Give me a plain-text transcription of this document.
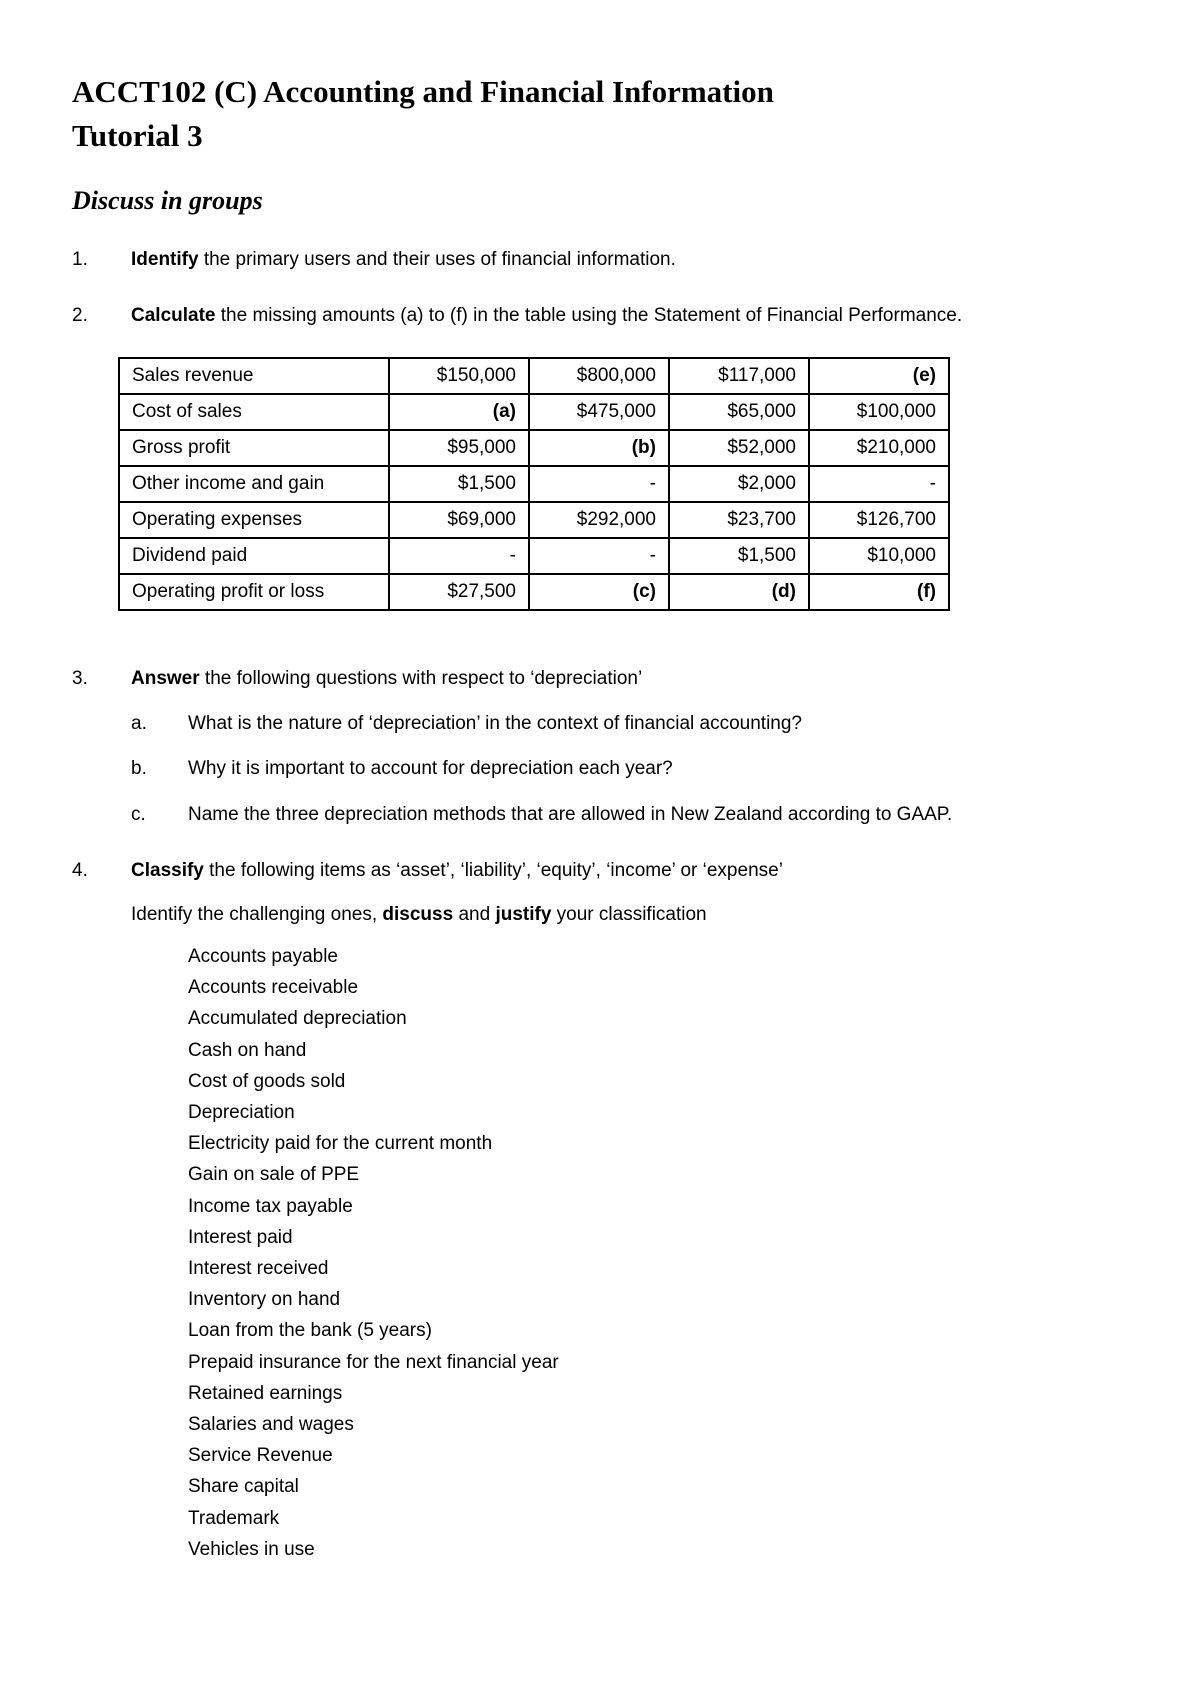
ACCT102 (C) Accounting and Financial Information
Tutorial 3
Discuss in groups
1. Identify the primary users and their uses of financial information.
2. Calculate the missing amounts (a) to (f) in the table using the Statement of Financial Performance.
Sales revenue	$150,000	$800,000	$117,000	(e)
Cost of sales	(a)	$475,000	$65,000	$100,000
Gross profit	$95,000	(b)	$52,000	$210,000
Other income and gain	$1,500	-	$2,000	-
Operating expenses	$69,000	$292,000	$23,700	$126,700
Dividend paid	-	-	$1,500	$10,000
Operating profit or loss	$27,500	(c)	(d)	(f)
3. Answer the following questions with respect to ‘depreciation’
a. What is the nature of ‘depreciation’ in the context of financial accounting?
b. Why it is important to account for depreciation each year?
c. Name the three depreciation methods that are allowed in New Zealand according to GAAP.
4. Classify the following items as ‘asset’, ‘liability’, ‘equity’, ‘income’ or ‘expense’
Identify the challenging ones, discuss and justify your classification
Accounts payable
Accounts receivable
Accumulated depreciation
Cash on hand
Cost of goods sold
Depreciation
Electricity paid for the current month
Gain on sale of PPE
Income tax payable
Interest paid
Interest received
Inventory on hand
Loan from the bank (5 years)
Prepaid insurance for the next financial year
Retained earnings
Salaries and wages
Service Revenue
Share capital
Trademark
Vehicles in use
